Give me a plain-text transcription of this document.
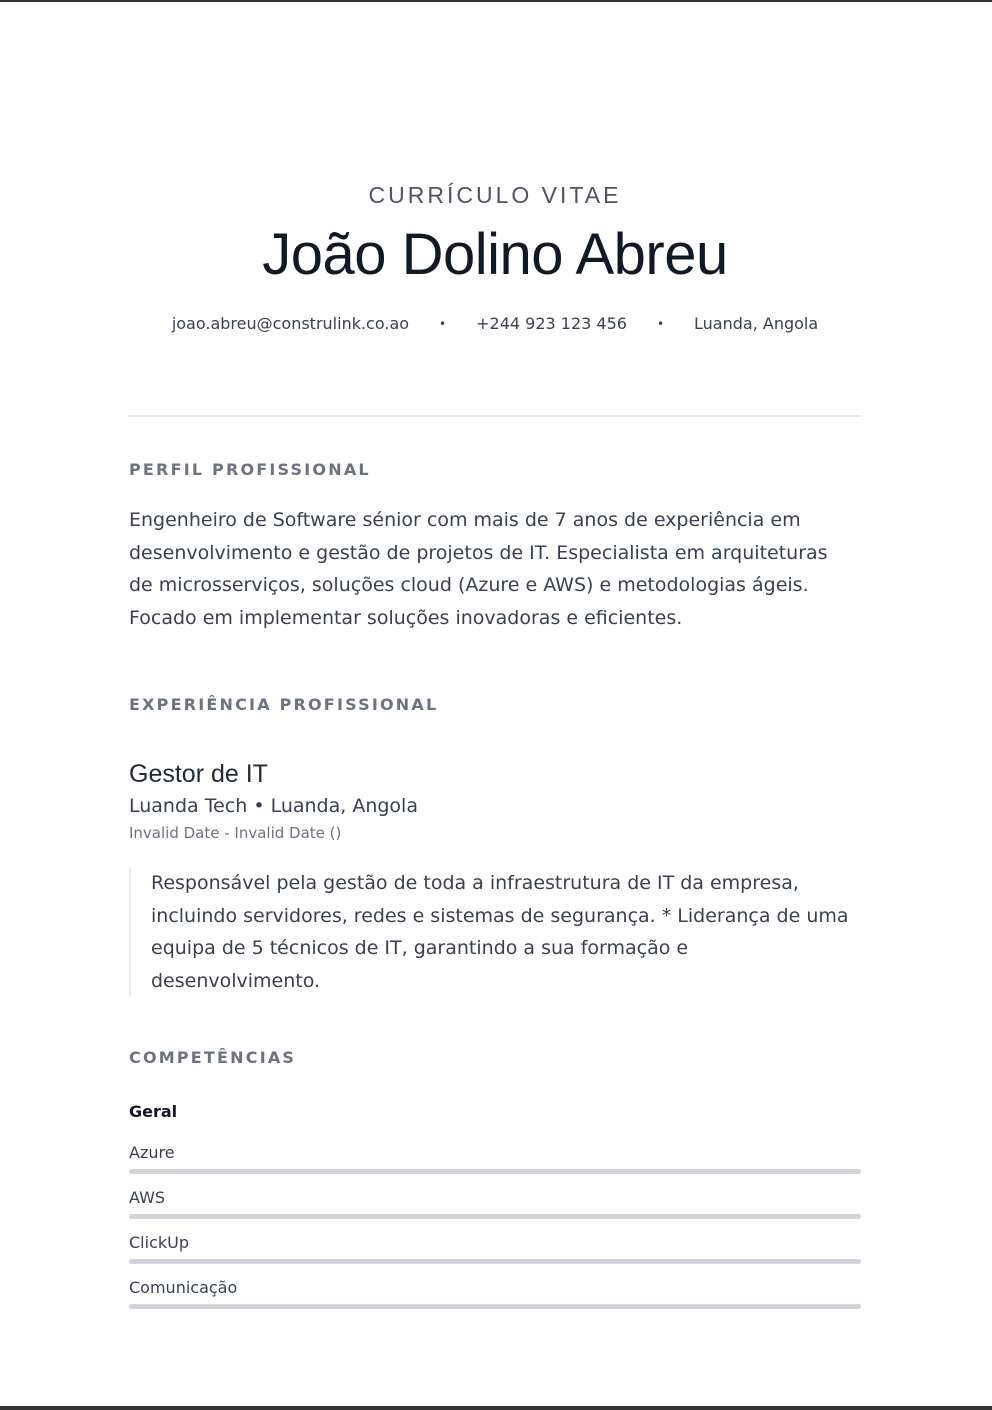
CURRÍCULO VITAE
João Dolino Abreu
joao.abreu@construlink.co.ao	• +244 923 123 456	• Luanda, Angola
PERFIL PROFISSIONAL
Engenheiro de Software sénior com mais de 7 anos de experiência em desenvolvimento e gestão de projetos de IT. Especialista em arquiteturas de microsserviços, soluções cloud (Azure e AWS) e metodologias ágeis. Focado em implementar soluções inovadoras e eficientes.
EXPERIÊNCIA PROFISSIONAL
Gestor de IT
Luanda Tech • Luanda, Angola
Invalid Date - Invalid Date ()
Responsável pela gestão de toda a infraestrutura de IT da empresa, incluindo servidores, redes e sistemas de segurança. * Liderança de uma equipa de 5 técnicos de IT, garantindo a sua formação e desenvolvimento.
COMPETÊNCIAS
Geral
Azure
AWS
ClickUp
Comunicação
